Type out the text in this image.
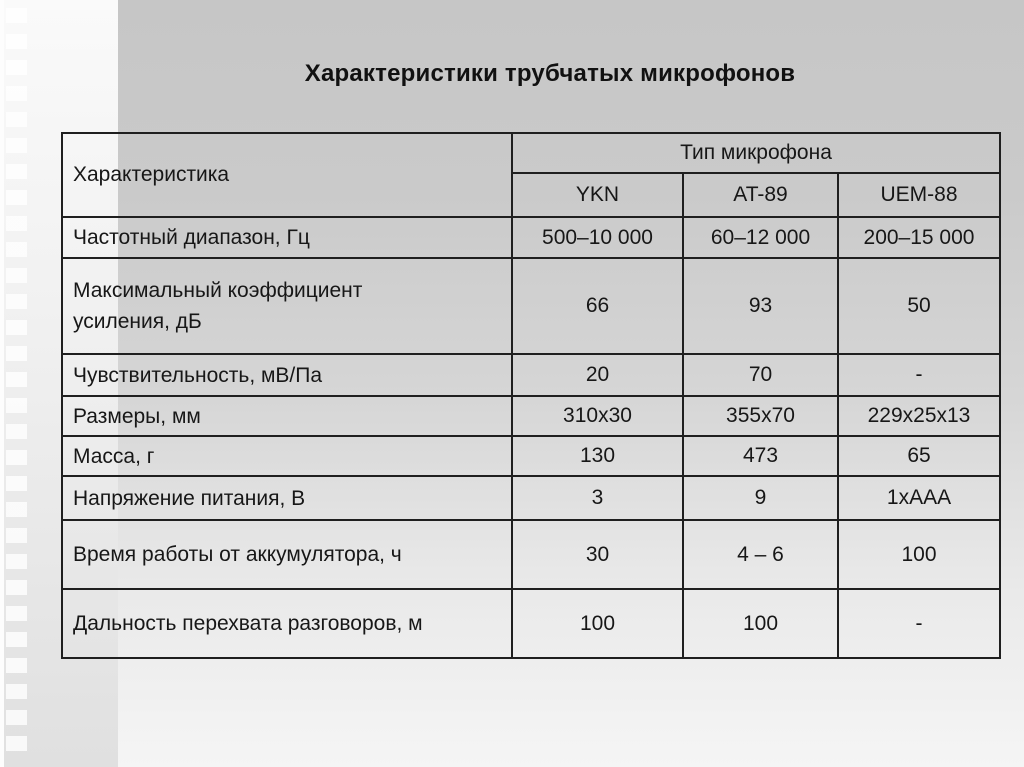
Характеристики трубчатых микрофонов
Характеристика	Тип микрофона		
	YKN	AT-89	UEM-88
Частотный диапазон, Гц	500–10 000	60–12 000	200–15 000
Максимальный коэффициент усиления, дБ	66	93	50
Чувствительность, мВ/Па	20	70	-
Размеры, мм	310x30	355x70	229x25x13
Масса, г	130	473	65
Напряжение питания, В	3	9	1xAAA
Время работы от аккумулятора, ч	30	4 – 6	100
Дальность перехвата разговоров, м	100	100	-
